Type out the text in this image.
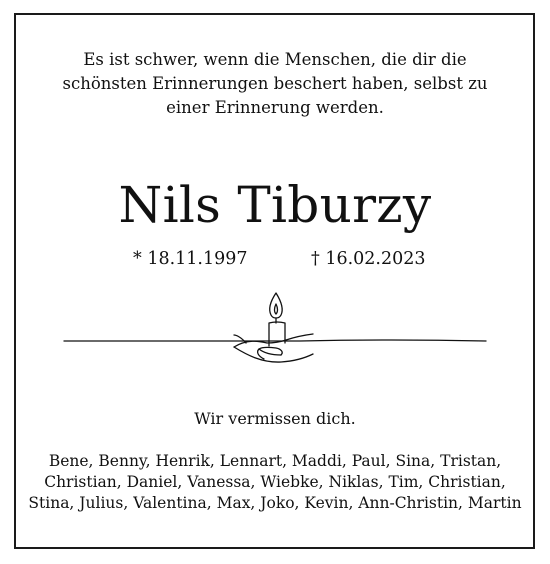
Es ist schwer, wenn die Menschen, die dir die
schönsten Erinnerungen beschert haben, selbst zu
einer Erinnerung werden.
Nils Tiburzy
* 18.11.1997	† 16.02.2023
Wir vermissen dich.
Bene, Benny, Henrik, Lennart, Maddi, Paul, Sina, Tristan,
Christian, Daniel, Vanessa, Wiebke, Niklas, Tim, Christian,
Stina, Julius, Valentina, Max, Joko, Kevin, Ann-Christin, Martin
